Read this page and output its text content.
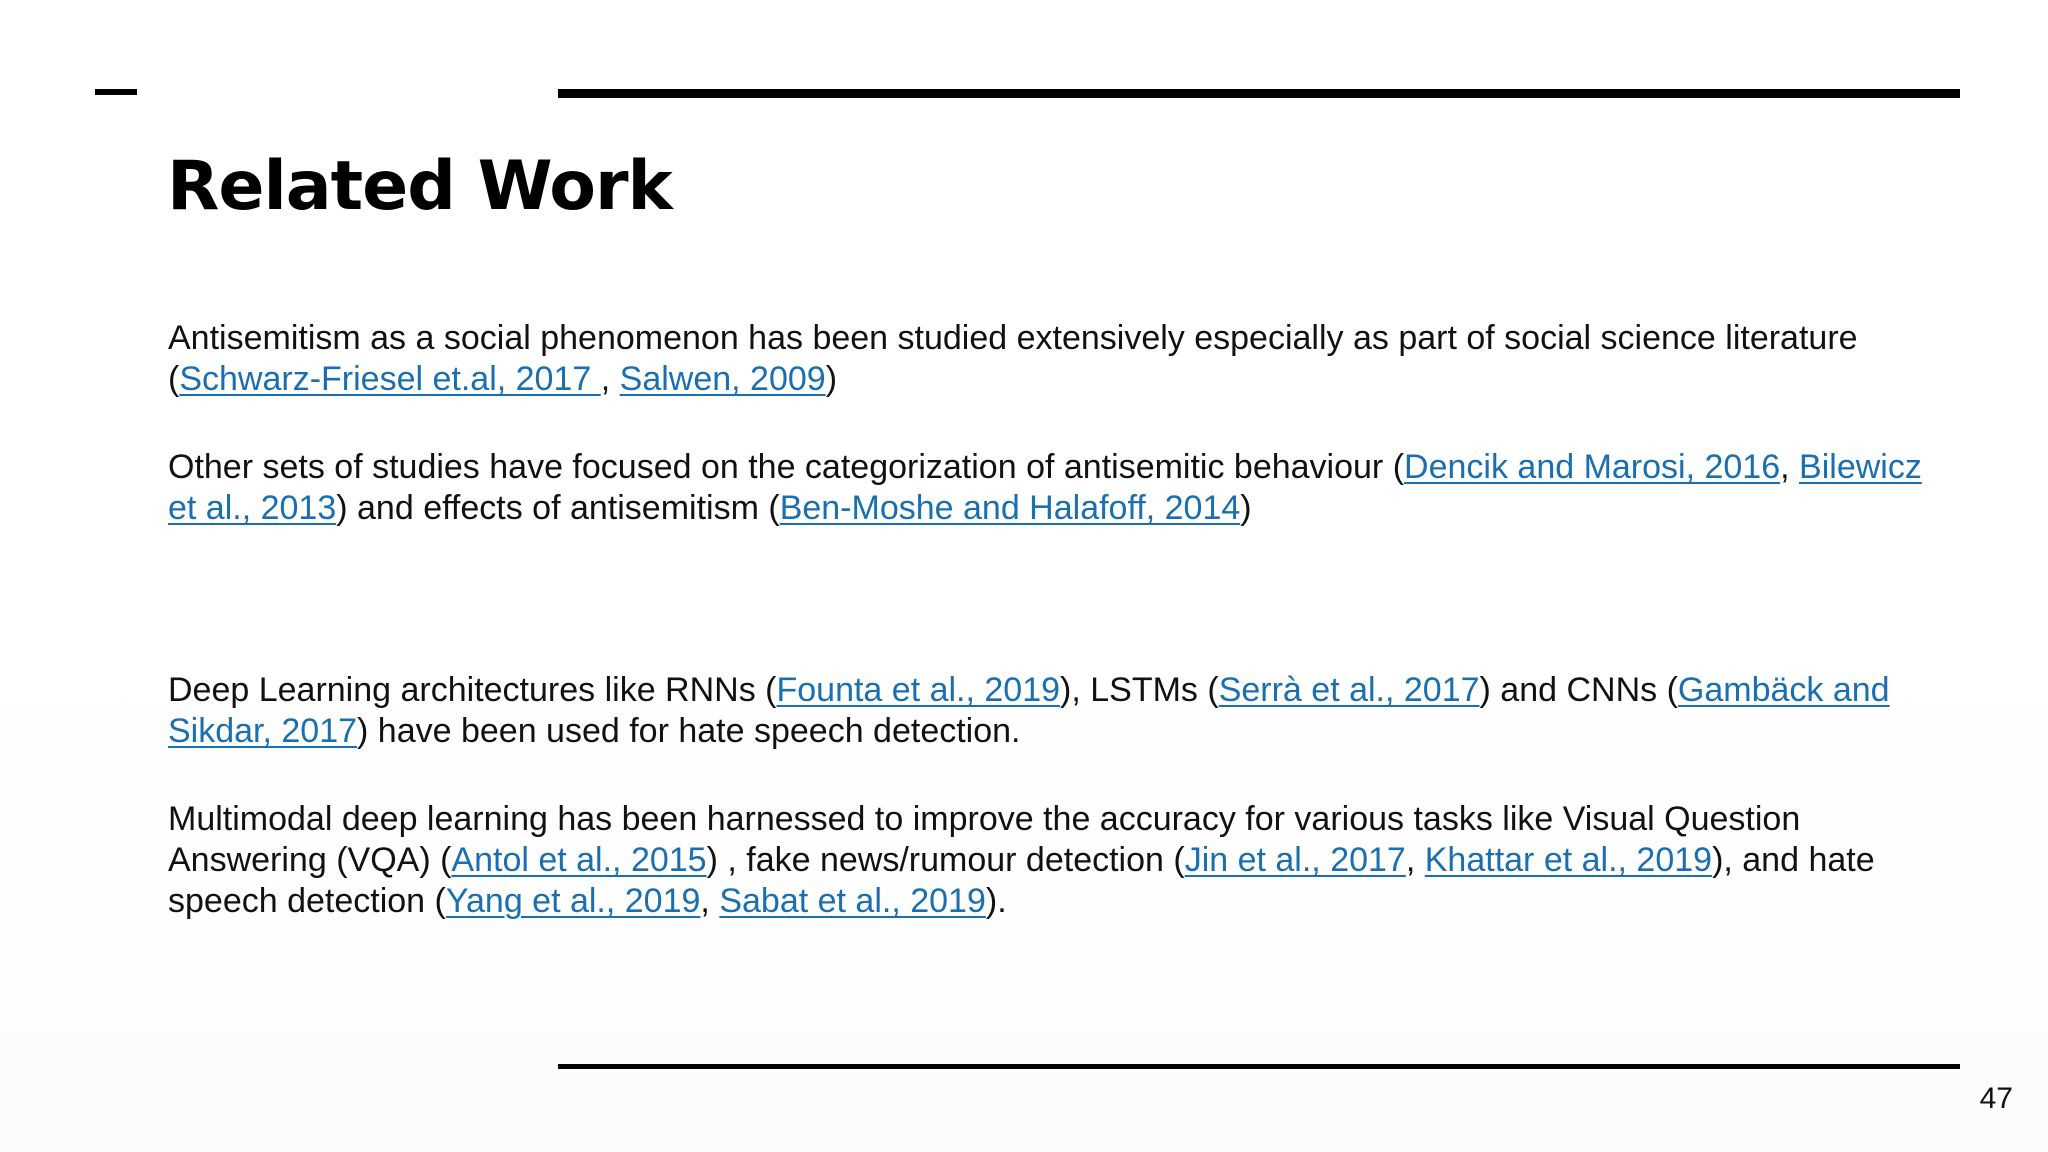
Related Work

Antisemitism as a social phenomenon has been studied extensively especially as part of social science literature (Schwarz-Friesel et.al, 2017 , Salwen, 2009)

Other sets of studies have focused on the categorization of antisemitic behaviour (Dencik and Marosi, 2016, Bilewicz et al., 2013) and effects of antisemitism (Ben-Moshe and Halafoff, 2014)

Deep Learning architectures like RNNs (Founta et al., 2019), LSTMs (Serrà et al., 2017) and CNNs (Gambäck and Sikdar, 2017) have been used for hate speech detection.

Multimodal deep learning has been harnessed to improve the accuracy for various tasks like Visual Question Answering (VQA) (Antol et al., 2015) , fake news/rumour detection (Jin et al., 2017, Khattar et al., 2019), and hate speech detection (Yang et al., 2019, Sabat et al., 2019).

47
